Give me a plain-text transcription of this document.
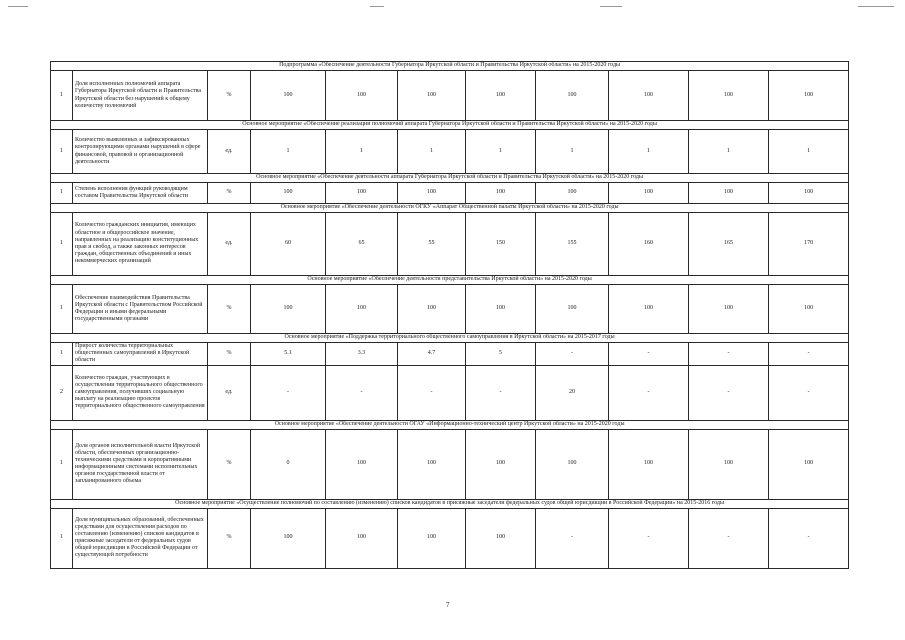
Подпрограмма «Обеспечение деятельности Губернатора Иркутской области и Правительства Иркутской области» на 2015-2020 годы										
1	Доля исполненных полномочий аппарата Губернатора Иркутской области и Правительства Иркутской области без нарушений к общему количеству полномочий	%	100	100	100	100	100	100	100	100
Основное мероприятие «Обеспечение реализации полномочий аппарата Губернатора Иркутской области и Правительства Иркутской области» на 2015-2020 годы										
1	Количество выявленных и зафиксированных контролирующими органами нарушений в сфере финансовой, правовой и организационной деятельности	ед.	1	1	1	1	1	1	1	1
Основное мероприятие «Обеспечение деятельности аппарата Губернатора Иркутской области и Правительства Иркутской области» на 2015-2020 годы										
1	Степень исполнения функций руководящим составом Правительства Иркутской области	%	100	100	100	100	100	100	100	100
Основное мероприятие «Обеспечение деятельности ОГКУ «Аппарат Общественной палаты Иркутской области» на 2015-2020 годы										
1	Количество гражданских инициатив, имеющих областное и общероссийское значение, направленных на реализацию конституционных прав и свобод, а также законных интересов граждан, общественных объединений и иных некоммерческих организаций	ед.	60	65	55	150	155	160	165	170
Основное мероприятие «Обеспечение деятельности представительства Иркутской области» на 2015-2020 годы										
1	Обеспечение взаимодействия Правительства Иркутской области с Правительством Российской Федерации и иными федеральными государственными органами	%	100	100	100	100	100	100	100	100
Основное мероприятие «Поддержка территориального общественного самоуправления в Иркутской области» на 2015-2017 годы										
1	Прирост количества территориальных общественных самоуправлений в Иркутской области	%	5.1	3.3	4.7	5	-	-	-	-
2	Количество граждан, участвующих в осуществлении территориального общественного самоуправления, получивших социальную выплату на реализацию проектов территориального общественного самоуправления	ед.	-	-	-	-	20	-	-	-
Основное мероприятие «Обеспечение деятельности ОГАУ «Информационно-технический центр Иркутской области» на 2015-2020 годы										
1	Доля органов исполнительной власти Иркутской области, обеспеченных организационно-техническими средствами и корпоративными информационными системами исполнительных органов государственной власти от запланированного объема	%	0	100	100	100	100	100	100	100
Основное мероприятие «Осуществление полномочий по составлению (изменению) списков кандидатов в присяжные заседатели федеральных судов общей юрисдикции в Российской Федерации» на 2015-2016 годы										
1	Доля муниципальных образований, обеспеченных средствами для осуществления расходов по составлению (изменению) списков кандидатов в присяжные заседатели от федеральных судов общей юрисдикции в Российской Федерации от существующей потребности	%	100	100	100	100	-	-	-	-
7
